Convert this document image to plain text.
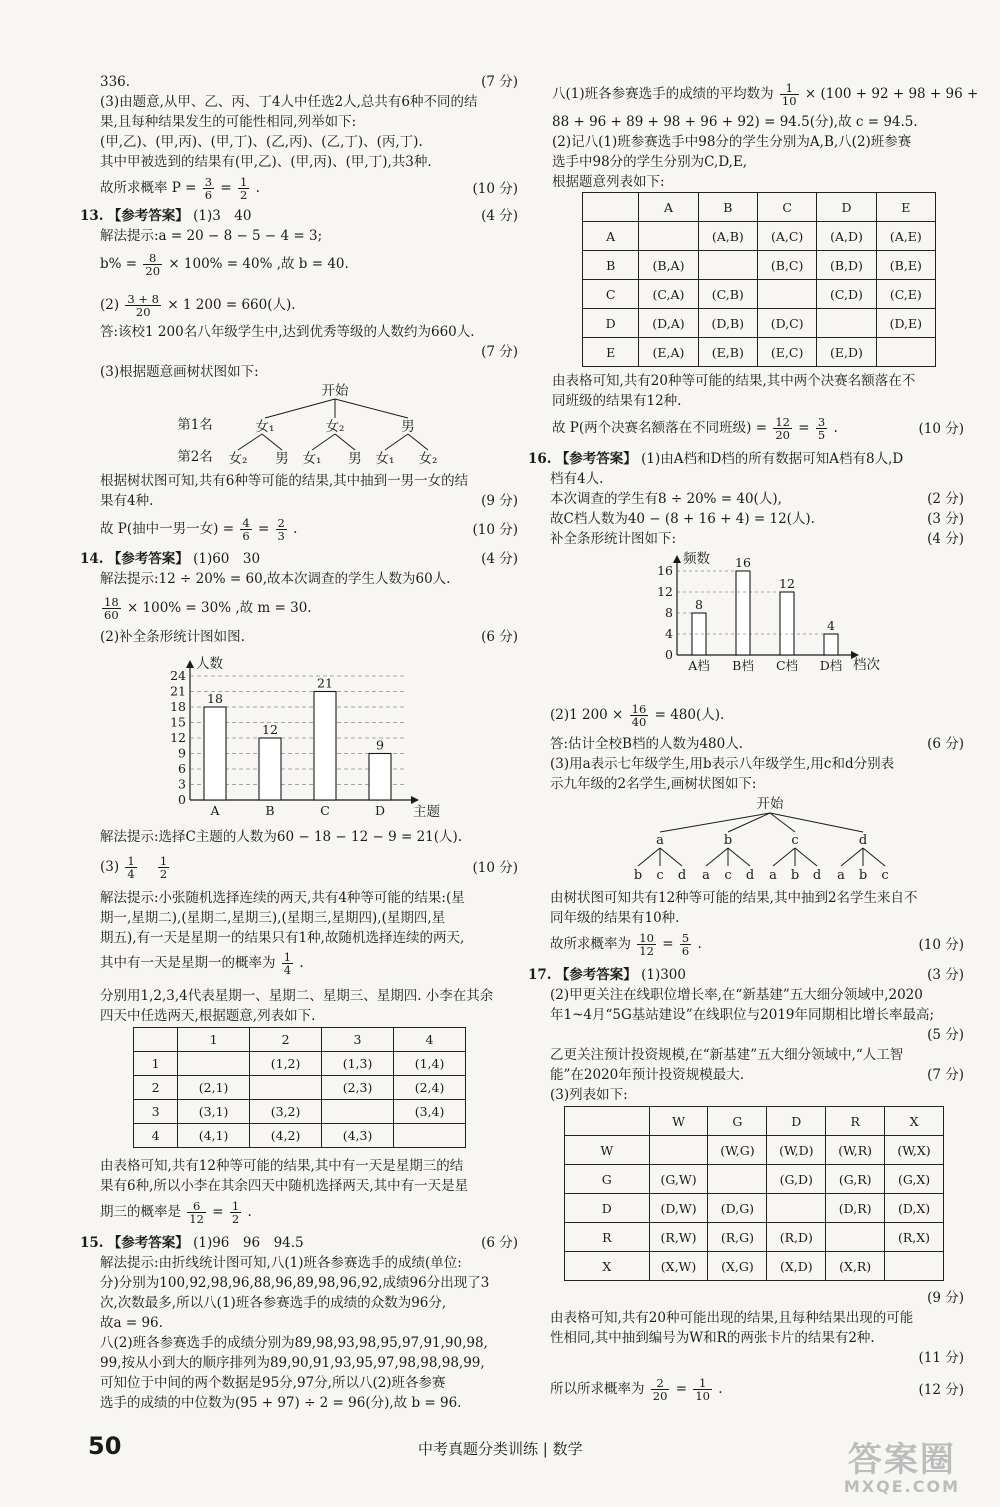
336.	(7 分)
(3)由题意,从甲、乙、丙、丁4人中任选2人,总共有6种不同的结
果,且每种结果发生的可能性相同,列举如下:
(甲,乙)、(甲,丙)、(甲,丁)、(乙,丙)、(乙,丁)、(丙,丁).
其中甲被选到的结果有(甲,乙)、(甲,丙)、(甲,丁),共3种.
故所求概率 $P = \frac{3}{6} = \frac{1}{2}$ .	(10 分)
13. 【参考答案】 (1)3　40	(4 分)
解法提示:a = 20 − 8 − 5 − 4 = 3;
$b\% = \frac{8}{20} \times 100\% = 40\%$ ,故 b = 40.
$(2) \frac{3 + 8}{20} \times 1$ 200 = 660(人).
答:该校1 200名八年级学生中,达到优秀等级的人数约为660人.
(7 分)
(3)根据题意画树状图如下:
开始
第1名
第2名
女₁	女₂	男
女₂ 男 女₁ 男 女₁ 女₂
根据树状图可知,共有6种等可能的结果,其中抽到一男一女的结
果有4种.	(9 分)
故 P(抽中一男一女) = $\frac{4}{6} = \frac{2}{3}$ .	(10 分)
14. 【参考答案】 (1)60　30	(4 分)
解法提示:12 ÷ 20% = 60,故本次调查的学生人数为60人.
$\frac{18}{60} \times 100\% = 30\%$ ,故 m = 30.
(2)补全条形统计图如图.	(6 分)
0
3
6
9
12
15
18
21
24
人数
主题
18
A
12
B
21
C
9
D
解法提示:选择C主题的人数为60 − 18 − 12 − 9 = 21(人).
$(3) \frac{1}{4}$
$\frac{1}{2}$	(10 分)
解法提示:小张随机选择连续的两天,共有4种等可能的结果:(星
期一,星期二),(星期二,星期三),(星期三,星期四),(星期四,星
期五),有一天是星期一的结果只有1种,故随机选择连续的两天,
其中有一天是星期一的概率为 $\frac{1}{4}$ .
分别用1,2,3,4代表星期一、星期二、星期三、星期四. 小李在其余
四天中任选两天,根据题意,列表如下.
	1	2	3	4
1		(1,2)	(1,3)	(1,4)
2	(2,1)		(2,3)	(2,4)
3	(3,1)	(3,2)		(3,4)
4	(4,1)	(4,2)	(4,3)	
由表格可知,共有12种等可能的结果,其中有一天是星期三的结
果有6种,所以小李在其余四天中随机选择两天,其中有一天是星
期三的概率是 $\frac{6}{12} = \frac{1}{2}$ .
15. 【参考答案】 (1)96　96　94.5	(6 分)
解法提示:由折线统计图可知,八(1)班各参赛选手的成绩(单位:
分)分别为100,92,98,96,88,96,89,98,96,92,成绩96分出现了3
次,次数最多,所以八(1)班各参赛选手的成绩的众数为96分,
故a = 96.
八(2)班各参赛选手的成绩分别为89,98,93,98,95,97,91,90,98,
99,按从小到大的顺序排列为89,90,91,93,95,97,98,98,98,99,
可知位于中间的两个数据是95分,97分,所以八(2)班各参赛
选手的成绩的中位数为(95 + 97) ÷ 2 = 96(分),故 b = 96.
八(1)班各参赛选手的成绩的平均数为 $\frac{1}{10} \times (100 + 92 + 98 + 96$ +
88 + 96 + 89 + 98 + 96 + 92) = 94.5(分),故 c = 94.5.
(2)记八(1)班参赛选手中98分的学生分别为A,B,八(2)班参赛
选手中98分的学生分别为C,D,E,
根据题意列表如下:
	A	B	C	D	E
A		(A,B)	(A,C)	(A,D)	(A,E)
B	(B,A)		(B,C)	(B,D)	(B,E)
C	(C,A)	(C,B)		(C,D)	(C,E)
D	(D,A)	(D,B)	(D,C)		(D,E)
E	(E,A)	(E,B)	(E,C)	(E,D)	
由表格可知,共有20种等可能的结果,其中两个决赛名额落在不
同班级的结果有12种.
故 P(两个决赛名额落在不同班级) = $\frac{12}{20} = \frac{3}{5}$ .	(10 分)
16. 【参考答案】 (1)由A档和D档的所有数据可知A档有8人,D
档有4人.
本次调查的学生有8 ÷ 20% = 40(人),	(2 分)
故C档人数为40 − (8 + 16 + 4) = 12(人).	(3 分)
补全条形统计图如下:	(4 分)
0
4
8
12
16
频数
档次
8
A档
16
B档
12
C档
4
D档
(2)1 $200 \times \frac{16}{40} = 480$(人).
答:估计全校B档的人数为480人.	(6 分)
(3)用a表示七年级学生,用b表示八年级学生,用c和d分别表
示九年级的2名学生,画树状图如下:
开始
a
b c d
b
a c d
c
a b d
d
a b c
由树状图可知共有12种等可能的结果,其中抽到2名学生来自不
同年级的结果有10种.
故所求概率为 $\frac{10}{12} = \frac{5}{6}$ .	(10 分)
17. 【参考答案】 (1)300	(3 分)
(2)甲更关注在线职位增长率,在“新基建”五大细分领域中,2020
年1~4月“5G基站建设”在线职位与2019年同期相比增长率最高;
(5 分)
乙更关注预计投资规模,在“新基建”五大细分领域中,“人工智
能”在2020年预计投资规模最大.	(7 分)
(3)列表如下:
	W	G	D	R	X
W		(W,G)	(W,D)	(W,R)	(W,X)
G	(G,W)		(G,D)	(G,R)	(G,X)
D	(D,W)	(D,G)		(D,R)	(D,X)
R	(R,W)	(R,G)	(R,D)		(R,X)
X	(X,W)	(X,G)	(X,D)	(X,R)	
(9 分)
由表格可知,共有20种可能出现的结果,且每种结果出现的可能
性相同,其中抽到编号为W和R的两张卡片的结果有2种.
(11 分)
所以所求概率为 $\frac{2}{20} = \frac{1}{10}$ .	(12 分)
50	中考真题分类训练 | 数学	答案圈
MXQE.COM
